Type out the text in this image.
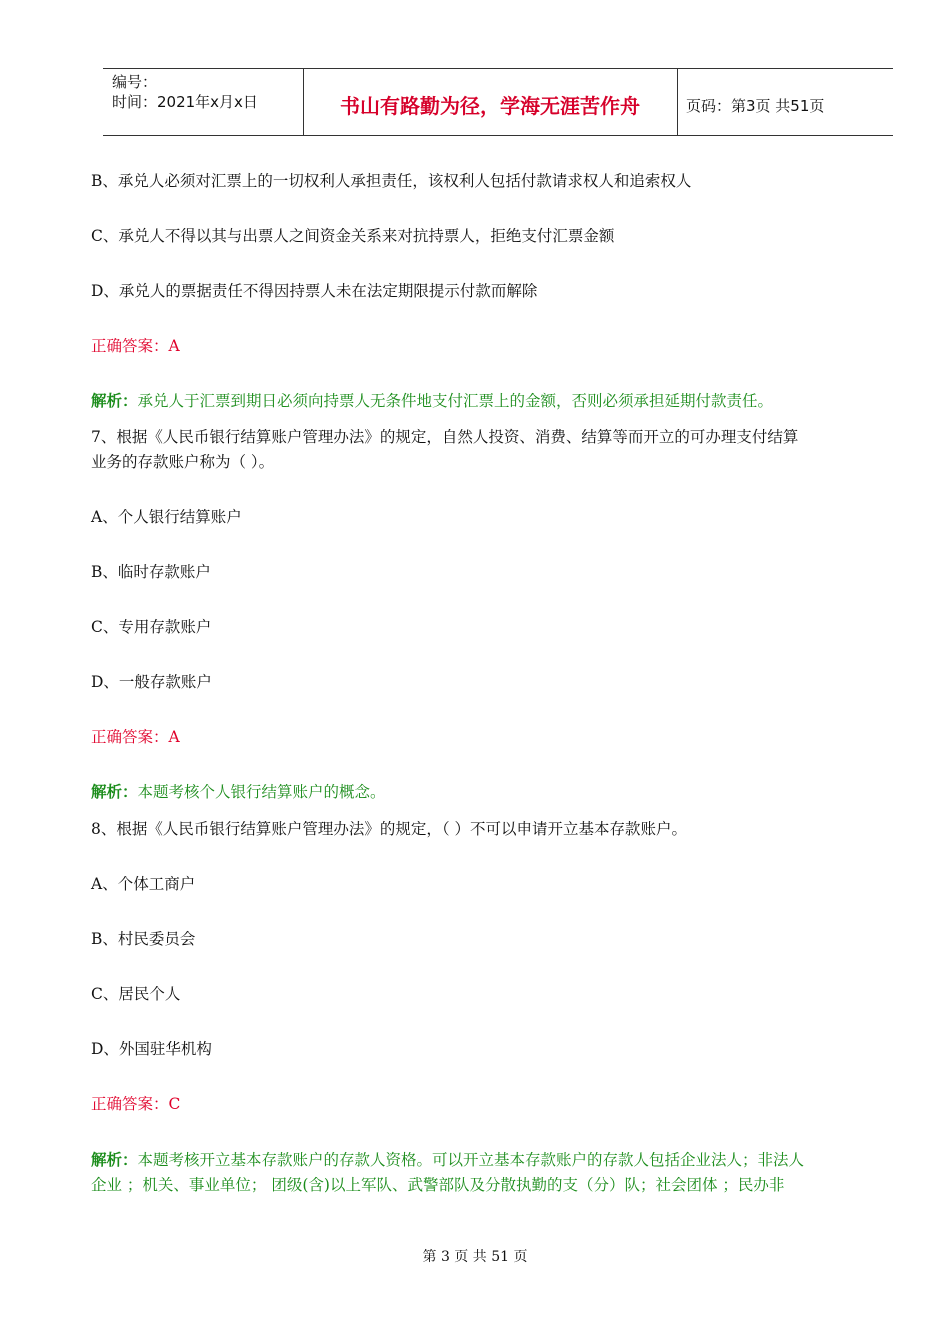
编号：
时间：2021年x月x日	书山有路勤为径，学海无涯苦作舟	页码：第3页 共51页
B、承兑人必须对汇票上的一切权利人承担责任，该权利人包括付款请求权人和追索权人
C、承兑人不得以其与出票人之间资金关系来对抗持票人，拒绝支付汇票金额
D、承兑人的票据责任不得因持票人未在法定期限提示付款而解除
正确答案：A
解析：承兑人于汇票到期日必须向持票人无条件地支付汇票上的金额，否则必须承担延期付款责任。
7、根据《人民币银行结算账户管理办法》的规定，自然人投资、消费、结算等而开立的可办理支付结算
业务的存款账户称为（ ）。
A、个人银行结算账户
B、临时存款账户
C、专用存款账户
D、一般存款账户
正确答案：A
解析：本题考核个人银行结算账户的概念。
8、根据《人民币银行结算账户管理办法》的规定，（ ）不可以申请开立基本存款账户。
A、个体工商户
B、村民委员会
C、居民个人
D、外国驻华机构
正确答案：C
解析：本题考核开立基本存款账户的存款人资格。可以开立基本存款账户的存款人包括企业法人；非法人
企业 ；机关、事业单位； 团级(含)以上军队、武警部队及分散执勤的支（分）队；社会团体 ；民办非
第 3 页 共 51 页
